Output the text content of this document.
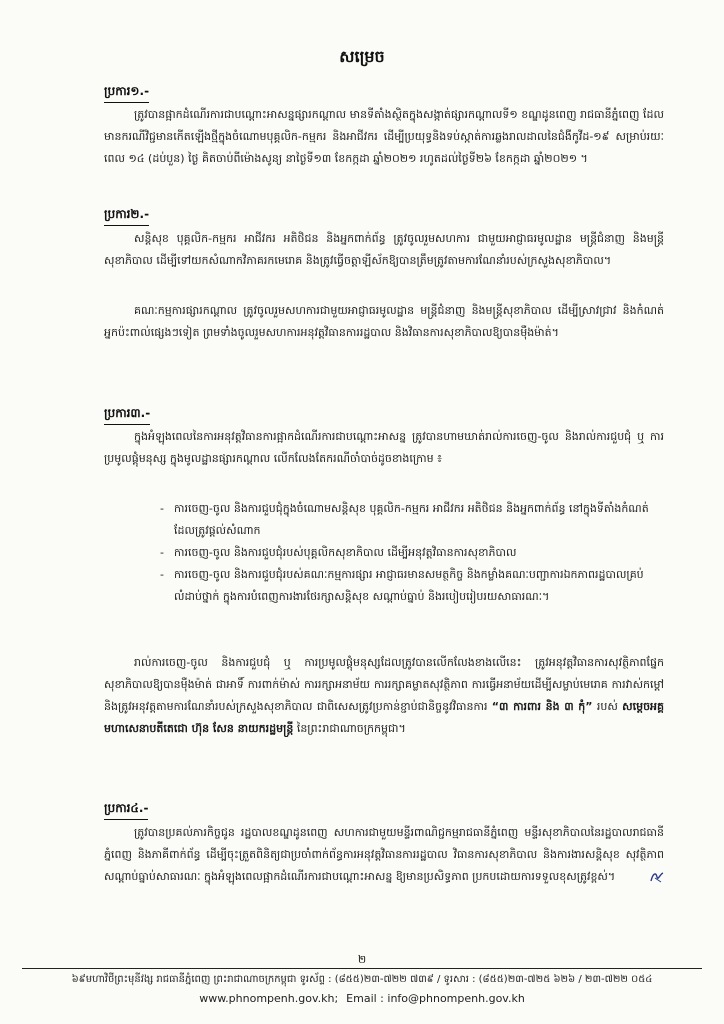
សម្រេច
ប្រការ១.-
ត្រូវបានផ្អាកដំណើរការជាបណ្តោះអាសន្នផ្សារកណ្តាល មានទីតាំងស្ថិតក្នុងសង្កាត់ផ្សារកណ្តាលទី១ ខណ្ឌដូនពេញ រាជធានីភ្នំពេញ ដែលមានករណីវិជ្ជមានកើតឡើងថ្មីក្នុងចំណោមបុគ្គលិក-កម្មករ និងអាជីវករ ដើម្បីប្រយុទ្ធនិងទប់ស្កាត់ការឆ្លងរាលដាលនៃជំងឺកូវីដ-១៩ សម្រាប់រយៈពេល ១៤ (ដប់បួន) ថ្ងៃ គិតចាប់ពីម៉ោងសូន្យ នាថ្ងៃទី១៣ ខែកក្កដា ឆ្នាំ២០២១ រហូតដល់ថ្ងៃទី២៦ ខែកក្កដា ឆ្នាំ២០២១ ។
ប្រការ២.-
សន្តិសុខ បុគ្គលិក-កម្មករ អាជីវករ អតិថិជន និងអ្នកពាក់ព័ន្ធ ត្រូវចូលរួមសហការ ជាមួយអាជ្ញាធរមូលដ្ឋាន មន្ត្រីជំនាញ និងមន្ត្រីសុខាភិបាល ដើម្បីទៅយកសំណាកវិភាគរកមេរោគ និងត្រូវធ្វើចត្តាឡីស័កឱ្យបានត្រឹមត្រូវតាមការណែនាំរបស់ក្រសួងសុខាភិបាល។
គណៈកម្មការផ្សារកណ្តាល ត្រូវចូលរួមសហការជាមួយអាជ្ញាធរមូលដ្ឋាន មន្ត្រីជំនាញ និងមន្ត្រីសុខាភិបាល ដើម្បីស្រាវជ្រាវ និងកំណត់អ្នកប៉ះពាល់ផ្សេងៗទៀត ព្រមទាំងចូលរួមសហការអនុវត្តវិធានការរដ្ឋបាល និងវិធានការសុខាភិបាលឱ្យបានម៉ឺងម៉ាត់។
ប្រការ៣.-
ក្នុងអំឡុងពេលនៃការអនុវត្តវិធានការផ្អាកដំណើរការជាបណ្តោះអាសន្ន ត្រូវបានហាមឃាត់រាល់ការចេញ-ចូល និងរាល់ការជួបជុំ ឬ ការប្រមូលផ្តុំមនុស្ស ក្នុងមូលដ្ឋានផ្សារកណ្តាល លើកលែងតែករណីចាំបាច់ដូចខាងក្រោម ៖
- ការចេញ-ចូល និងការជួបជុំក្នុងចំណោមសន្តិសុខ បុគ្គលិក-កម្មករ អាជីវករ អតិថិជន និងអ្នកពាក់ព័ន្ធ នៅក្នុងទីតាំងកំណត់ដែលត្រូវផ្តល់សំណាក
- ការចេញ-ចូល និងការជួបជុំរបស់បុគ្គលិកសុខាភិបាល ដើម្បីអនុវត្តវិធានការសុខាភិបាល
- ការចេញ-ចូល និងការជួបជុំរបស់គណៈកម្មការផ្សារ អាជ្ញាធរមានសមត្ថកិច្ច និងកម្លាំងគណៈបញ្ជាការឯកភាពរដ្ឋបាលគ្រប់លំដាប់ថ្នាក់ ក្នុងការបំពេញការងារថែរក្សាសន្តិសុខ សណ្តាប់ធ្នាប់ និងរបៀបរៀបរយសាធារណៈ។
រាល់ការចេញ-ចូល និងការជួបជុំ ឬ ការប្រមូលផ្តុំមនុស្សដែលត្រូវបានលើកលែងខាងលើនេះ ត្រូវអនុវត្តវិធានការសុវត្ថិភាពផ្នែកសុខាភិបាលឱ្យបានម៉ឺងម៉ាត់ ជាអាទិ៍ ការពាក់ម៉ាស់ ការរក្សាអនាម័យ ការរក្សាគម្លាតសុវត្ថិភាព ការធ្វើអនាម័យដើម្បីសម្លាប់មេរោគ ការវាស់កម្តៅ និងត្រូវអនុវត្តតាមការណែនាំរបស់ក្រសួងសុខាភិបាល ជាពិសេសត្រូវប្រកាន់ខ្ជាប់ជានិច្ចនូវវិធានការ “៣ ការពារ និង ៣ កុំ” របស់ សម្តេចអគ្គមហាសេនាបតីតេជោ ហ៊ុន សែន នាយករដ្ឋមន្ត្រី នៃព្រះរាជាណាចក្រកម្ពុជា។
ប្រការ៤.-
ត្រូវបានប្រគល់ភារកិច្ចជូន រដ្ឋបាលខណ្ឌដូនពេញ សហការជាមួយមន្ទីរពាណិជ្ជកម្មរាជធានីភ្នំពេញ មន្ទីរសុខាភិបាលនៃរដ្ឋបាលរាជធានីភ្នំពេញ និងភាគីពាក់ព័ន្ធ ដើម្បីចុះត្រួតពិនិត្យជាប្រចាំពាក់ព័ន្ធការអនុវត្តវិធានការរដ្ឋបាល វិធានការសុខាភិបាល និងការងារសន្តិសុខ សុវត្ថិភាព សណ្តាប់ធ្នាប់សាធារណៈ ក្នុងអំឡុងពេលផ្អាកដំណើរការជាបណ្តោះអាសន្ន ឱ្យមានប្រសិទ្ធភាព ប្រកបដោយការទទួលខុសត្រូវខ្ពស់។
២
៦៩មហាវិថីព្រះមុនីវង្ស រាជធានីភ្នំពេញ ព្រះរាជាណាចក្រកម្ពុជា ទូរស័ព្ទ : (៨៥៥)២៣-៧២២ ៧៣៩ / ទូរសារ : (៨៥៥)២៣-៧២៥ ៦២៦ / ២៣-៧២២ ០៥៤
www.phnompenh.gov.kh; Email : info@phnompenh.gov.kh
